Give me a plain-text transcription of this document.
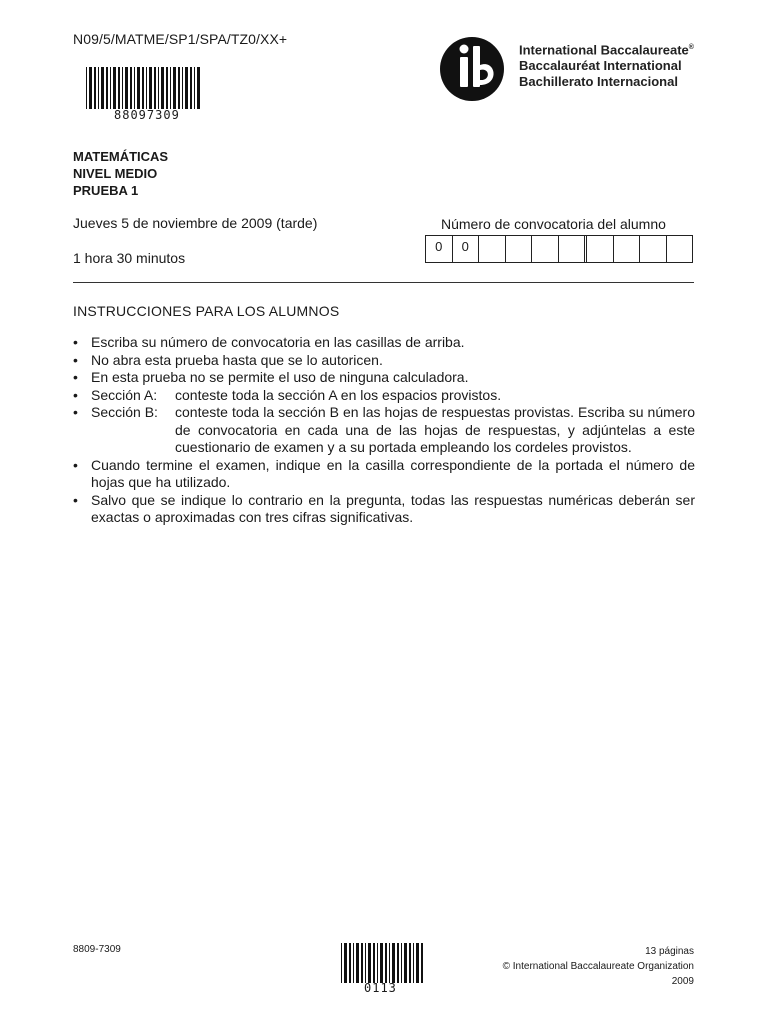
N09/5/MATME/SP1/SPA/TZ0/XX+
88097309
International Baccalaureate®
Baccalauréat International
Bachillerato Internacional
MATEMÁTICAS
NIVEL MEDIO
PRUEBA 1
Jueves 5 de noviembre de 2009 (tarde)
1 hora 30 minutos
Número de convocatoria del alumno
0	0
INSTRUCCIONES PARA LOS ALUMNOS
• Escriba su número de convocatoria en las casillas de arriba.
• No abra esta prueba hasta que se lo autoricen.
• En esta prueba no se permite el uso de ninguna calculadora.
• Sección A:	conteste toda la sección A en los espacios provistos.
• Sección B:	conteste toda la sección B en las hojas de respuestas provistas. Escriba su número de convocatoria en cada una de las hojas de respuestas, y adjúntelas a este cuestionario de examen y a su portada empleando los cordeles provistos.
• Cuando termine el examen, indique en la casilla correspondiente de la portada el número de hojas que ha utilizado.
• Salvo que se indique lo contrario en la pregunta, todas las respuestas numéricas deberán ser exactas o aproximadas con tres cifras significativas.
8809-7309
0113
13 páginas
© International Baccalaureate Organization 2009
